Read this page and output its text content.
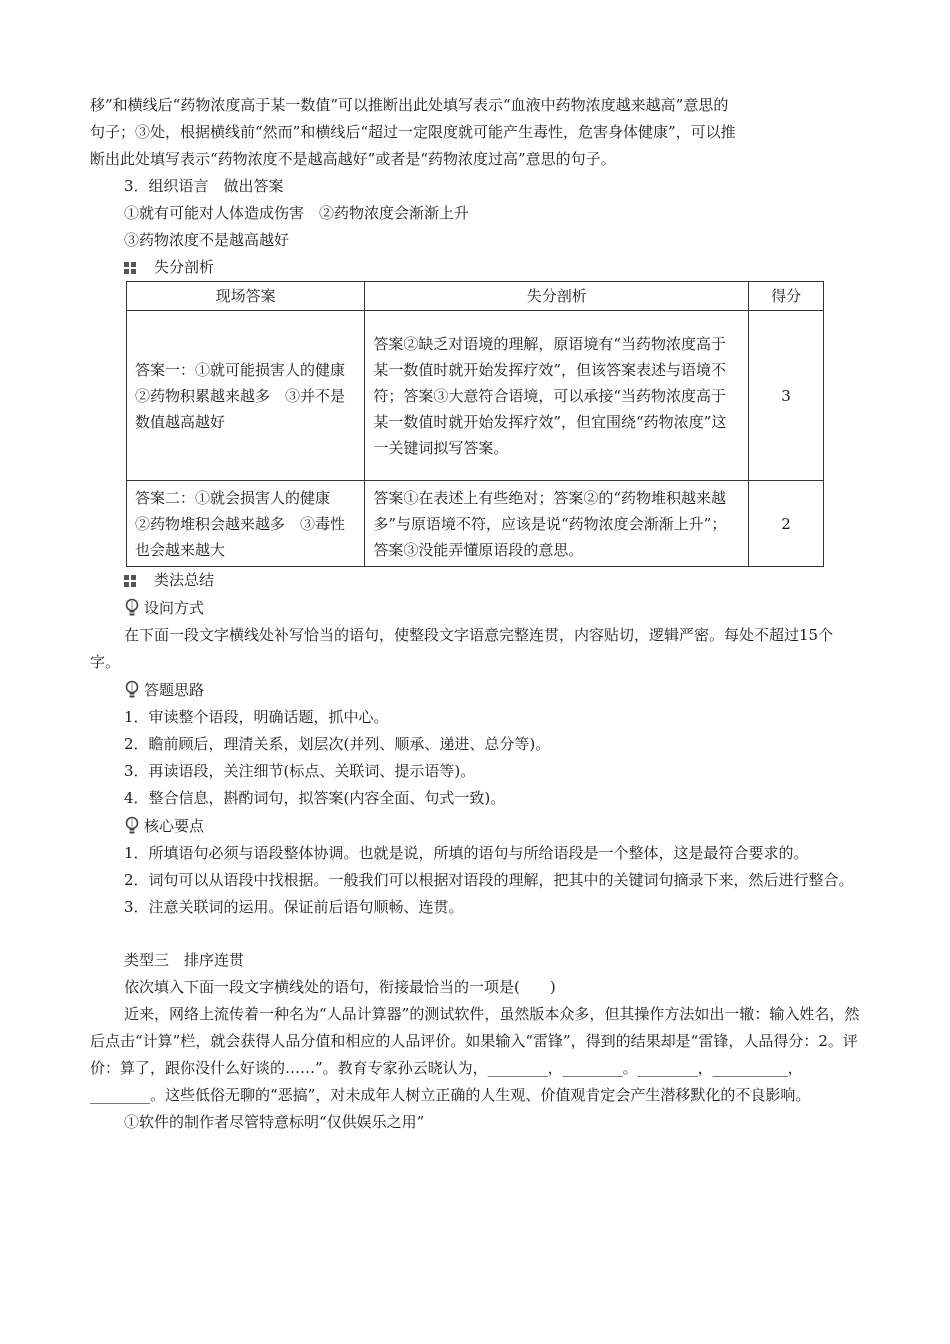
移”和横线后“药物浓度高于某一数值”可以推断出此处填写表示“血液中药物浓度越来越高”意思的

句子；③处，根据横线前“然而”和横线后“超过一定限度就可能产生毒性，危害身体健康”，可以推

断出此处填写表示“药物浓度不是越高越好”或者是“药物浓度过高”意思的句子。

3．组织语言　做出答案

①就有可能对人体造成伤害　②药物浓度会渐渐上升

③药物浓度不是越高越好

失分剖析
现场答案	失分剖析	得分
答案一：①就可能损害人的健康　②药物积累越来越多　③并不是数值越高越好	答案②缺乏对语境的理解，原语境有“当药物浓度高于某一数值时就开始发挥疗效”，但该答案表述与语境不符；答案③大意符合语境，可以承接“当药物浓度高于某一数值时就开始发挥疗效”，但宜围绕“药物浓度”这一关键词拟写答案。	3
答案二：①就会损害人的健康　②药物堆积会越来越多　③毒性也会越来越大	答案①在表述上有些绝对；答案②的“药物堆积越来越多”与原语境不符，应该是说“药物浓度会渐渐上升”；答案③没能弄懂原语段的意思。	2
类法总结
设问方式

在下面一段文字横线处补写恰当的语句，使整段文字语意完整连贯，内容贴切，逻辑严密。每处不超过15个字。

答题思路

1．审读整个语段，明确话题，抓中心。

2．瞻前顾后，理清关系，划层次(并列、顺承、递进、总分等)。

3．再读语段，关注细节(标点、关联词、提示语等)。

4．整合信息，斟酌词句，拟答案(内容全面、句式一致)。

核心要点

1．所填语句必须与语段整体协调。也就是说，所填的语句与所给语段是一个整体，这是最符合要求的。

2．词句可以从语段中找根据。一般我们可以根据对语段的理解，把其中的关键词句摘录下来，然后进行整合。

3．注意关联词的运用。保证前后语句顺畅、连贯。

类型三　排序连贯

依次填入下面一段文字横线处的语句，衔接最恰当的一项是(　　)

近来，网络上流传着一种名为“人品计算器”的测试软件，虽然版本众多，但其操作方法如出一辙：输入姓名，然后点击“计算”栏，就会获得人品分值和相应的人品评价。如果输入“雷锋”，得到的结果却是“雷锋，人品得分：2。评价：算了，跟你没什么好谈的……”。教育专家孙云晓认为，________，________。________，__________，________。这些低俗无聊的“恶搞”，对未成年人树立正确的人生观、价值观肯定会产生潜移默化的不良影响。

①软件的制作者尽管特意标明“仅供娱乐之用”
